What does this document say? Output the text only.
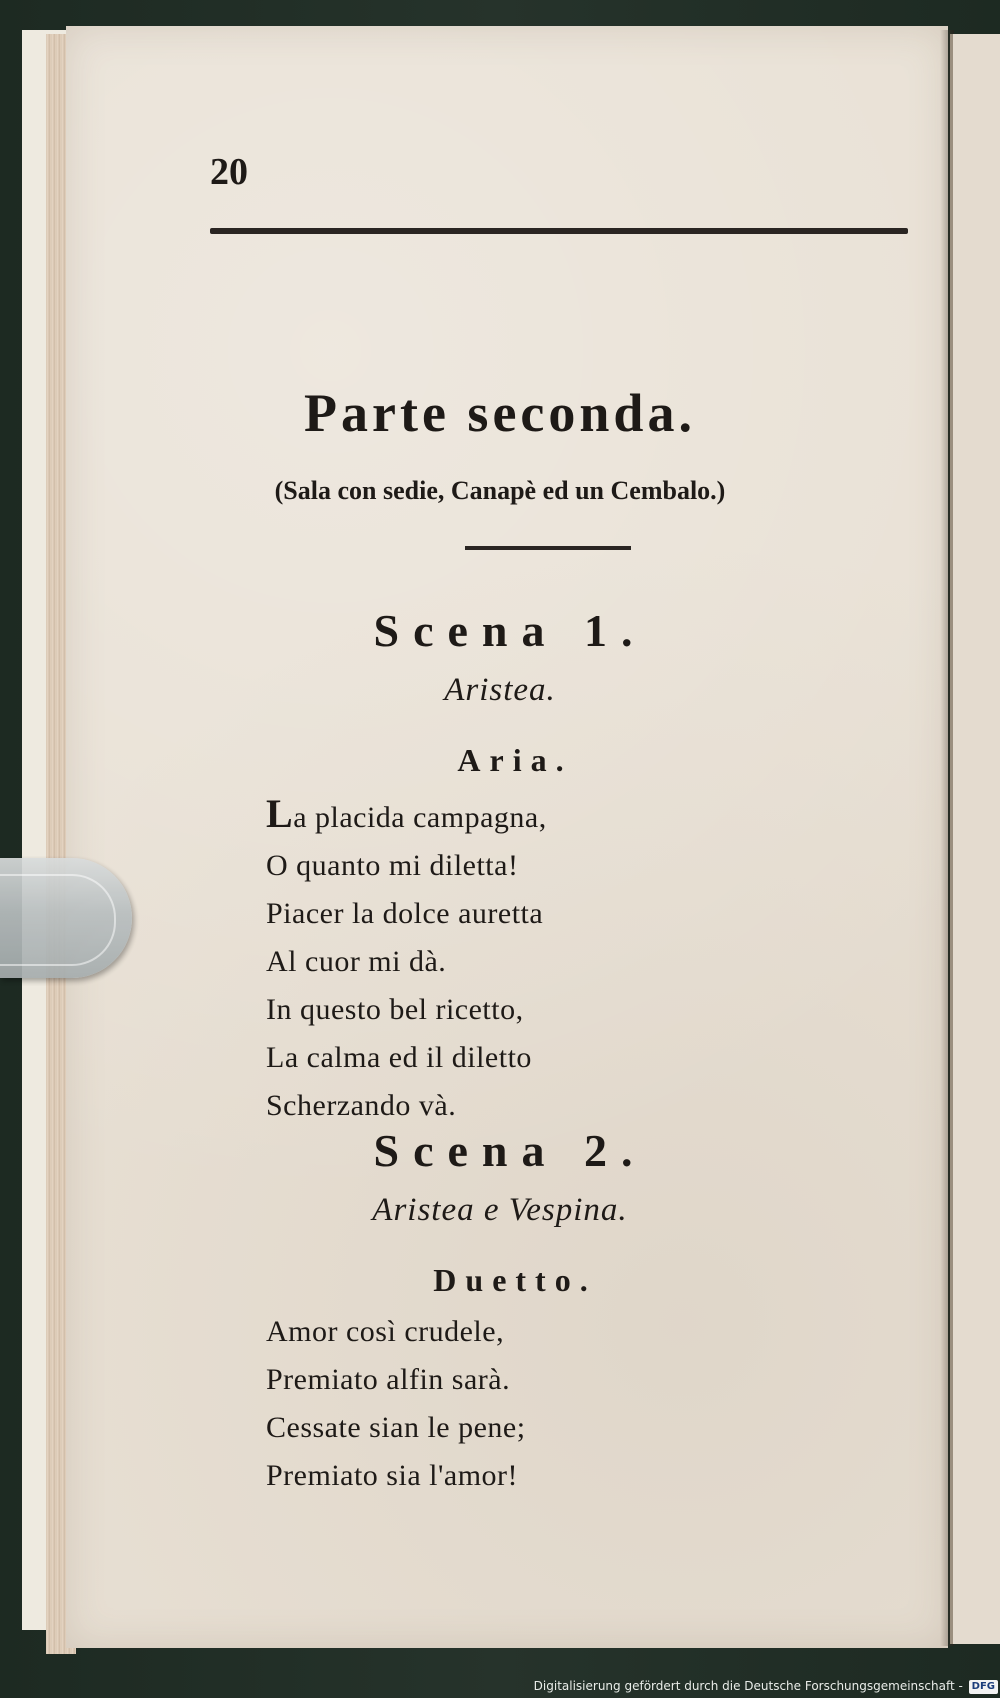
20
Parte seconda.
(Sala con sedie, Canapè ed un Cembalo.)
Scena 1.
Aristea.
Aria.
La placida campagna,
O quanto mi diletta!
Piacer la dolce auretta
Al cuor mi dà.
In questo bel ricetto,
La calma ed il diletto
Scherzando và.
Scena 2.
Aristea e Vespina.
Duetto.
Amor così crudele,
Premiato alfin sarà.
Cessate sian le pene;
Premiato sia l'amor!
Digitalisierung gefördert durch die Deutsche Forschungsgemeinschaft - DFG
